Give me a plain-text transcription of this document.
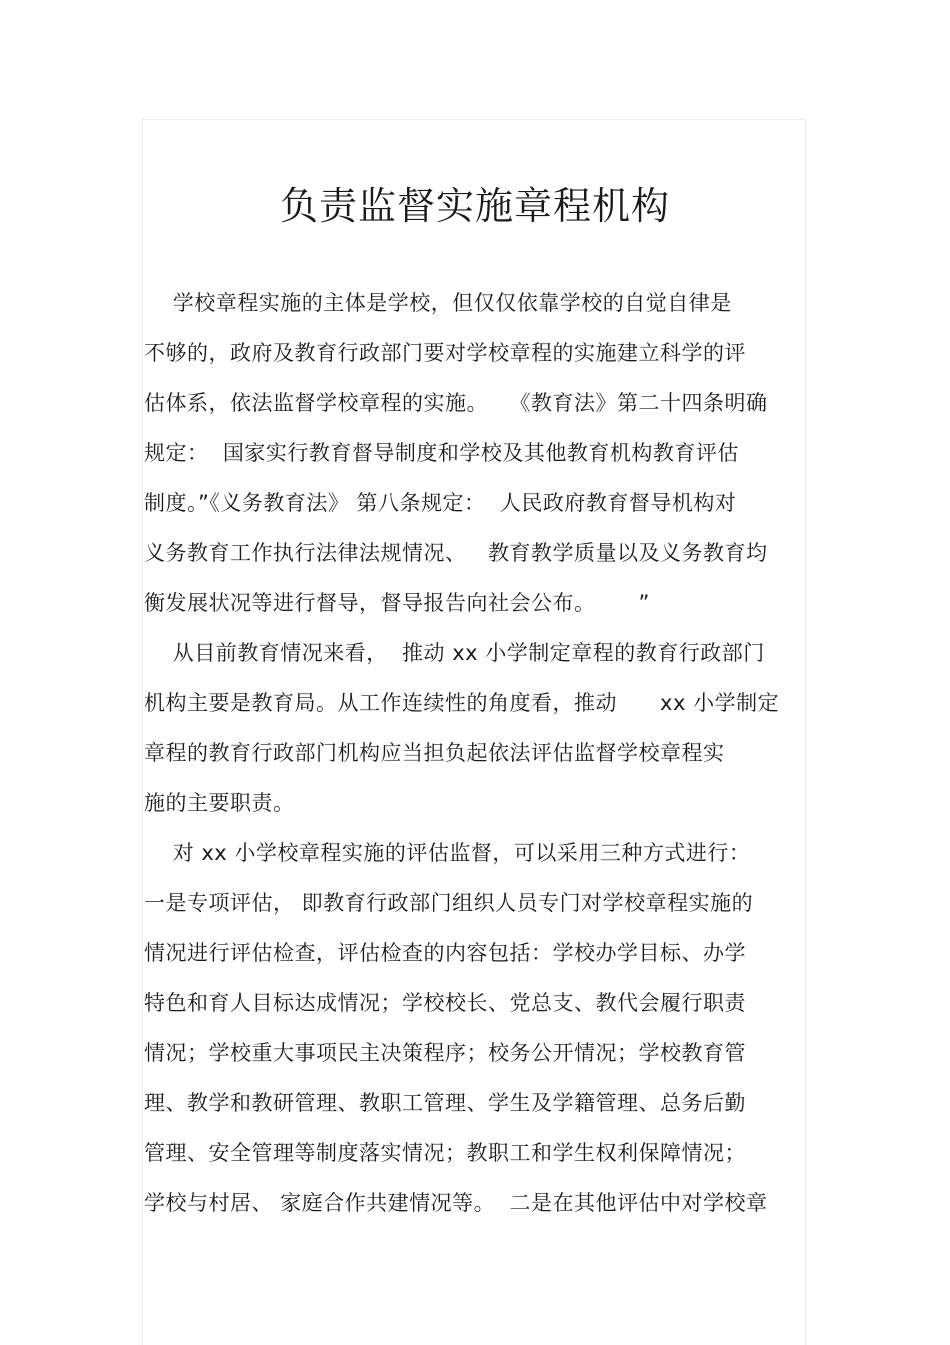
负责监督实施章程机构
学校章程实施的主体是学校，但仅仅依靠学校的自觉自律是
不够的，政府及教育行政部门要对学校章程的实施建立科学的评
估体系，依法监督学校章程的实施。   《教育法》第二十四条明确
规定：  国家实行教育督导制度和学校及其他教育机构教育评估
制度。”《义务教育法》 第八条规定：  人民政府教育督导机构对
义务教育工作执行法律法规情况、   教育教学质量以及义务教育均
衡发展状况等进行督导，督导报告向社会公布。      ”
从目前教育情况来看，  推动 xx 小学制定章程的教育行政部门
机构主要是教育局。从工作连续性的角度看，推动      xx 小学制定
章程的教育行政部门机构应当担负起依法评估监督学校章程实
施的主要职责。
对 xx 小学校章程实施的评估监督，可以采用三种方式进行：
一是专项评估， 即教育行政部门组织人员专门对学校章程实施的
情况进行评估检查，评估检查的内容包括：学校办学目标、办学
特色和育人目标达成情况；学校校长、党总支、教代会履行职责
情况；学校重大事项民主决策程序；校务公开情况；学校教育管
理、教学和教研管理、教职工管理、学生及学籍管理、总务后勤
管理、安全管理等制度落实情况；教职工和学生权利保障情况；
学校与村居、 家庭合作共建情况等。  二是在其他评估中对学校章
